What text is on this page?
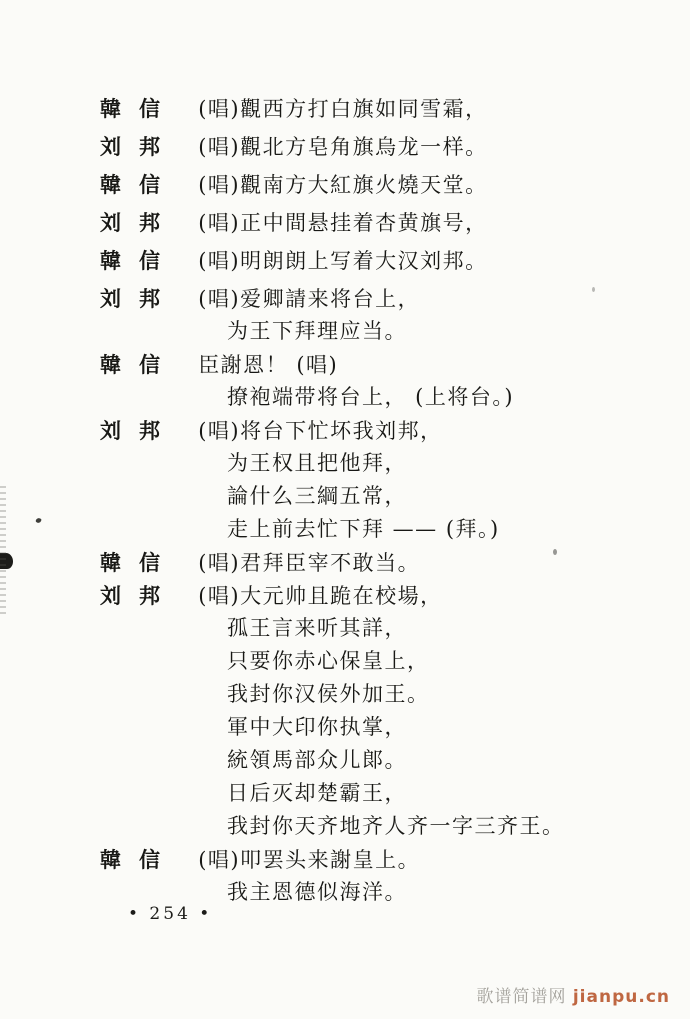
韓信 (唱)觀西方打白旗如同雪霜，
刘邦 (唱)觀北方皂角旗烏龙一样。
韓信 (唱)觀南方大紅旗火燒天堂。
刘邦 (唱)正中間悬挂着杏黄旗号，
韓信 (唱)明朗朗上写着大汉刘邦。
刘邦 (唱)爱卿請来将台上，
为王下拜理应当。
韓信 臣謝恩！ (唱)
撩袍端带将台上， (上将台。)
刘邦 (唱)将台下忙坏我刘邦，
为王权且把他拜，
論什么三綱五常，
走上前去忙下拜 —— (拜。)
韓信 (唱)君拜臣宰不敢当。
刘邦 (唱)大元帅且跪在校場，
孤王言来听其詳，
只要你赤心保皇上，
我封你汉侯外加王。
軍中大印你执掌，
統領馬部众儿郞。
日后灭却楚霸王，
我封你天齐地齐人齐一字三齐王。
韓信 (唱)叩罢头来謝皇上。
我主恩德似海洋。
• 254 •
歌谱简谱网 jianpu.cn
